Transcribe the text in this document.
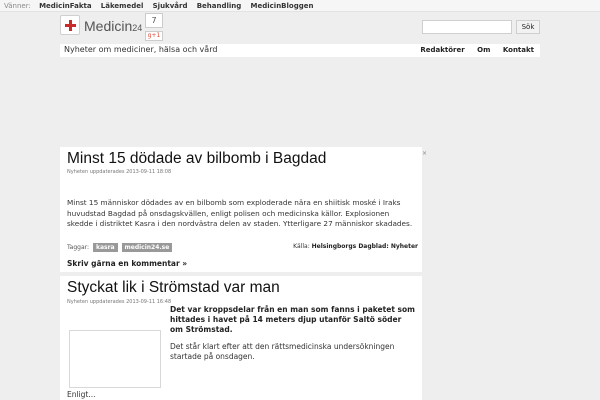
Vänner: MedicinFakta Läkemedel Sjukvård Behandling MedicinBloggen
Medicin24
7
g+1
Sök
Nyheter om mediciner, hälsa och vård	Redaktörer Om Kontakt
Minst 15 dödade av bilbomb i Bagdad
Nyheten uppdaterades 2013-09-11 18:08
Minst 15 människor dödades av en bilbomb som exploderade nära en shiitisk moské i Iraks huvudstad Bagdad på onsdagskvällen, enligt polisen och medicinska källor. Explosionen skedde i distriktet Kasra i den nordvästra delen av staden. Ytterligare 27 människor skadades.
Taggar: kasra medicin24.se	Källa: Helsingborgs Dagblad: Nyheter
Skriv gärna en kommentar »
×
Styckat lik i Strömstad var man
Nyheten uppdaterades 2013-09-11 16:48
Det var kroppsdelar från en man som fanns i paketet som hittades i havet på 14 meters djup utanför Saltö söder om Strömstad.
Det står klart efter att den rättsmedicinska undersökningen startade på onsdagen.
Enligt...
